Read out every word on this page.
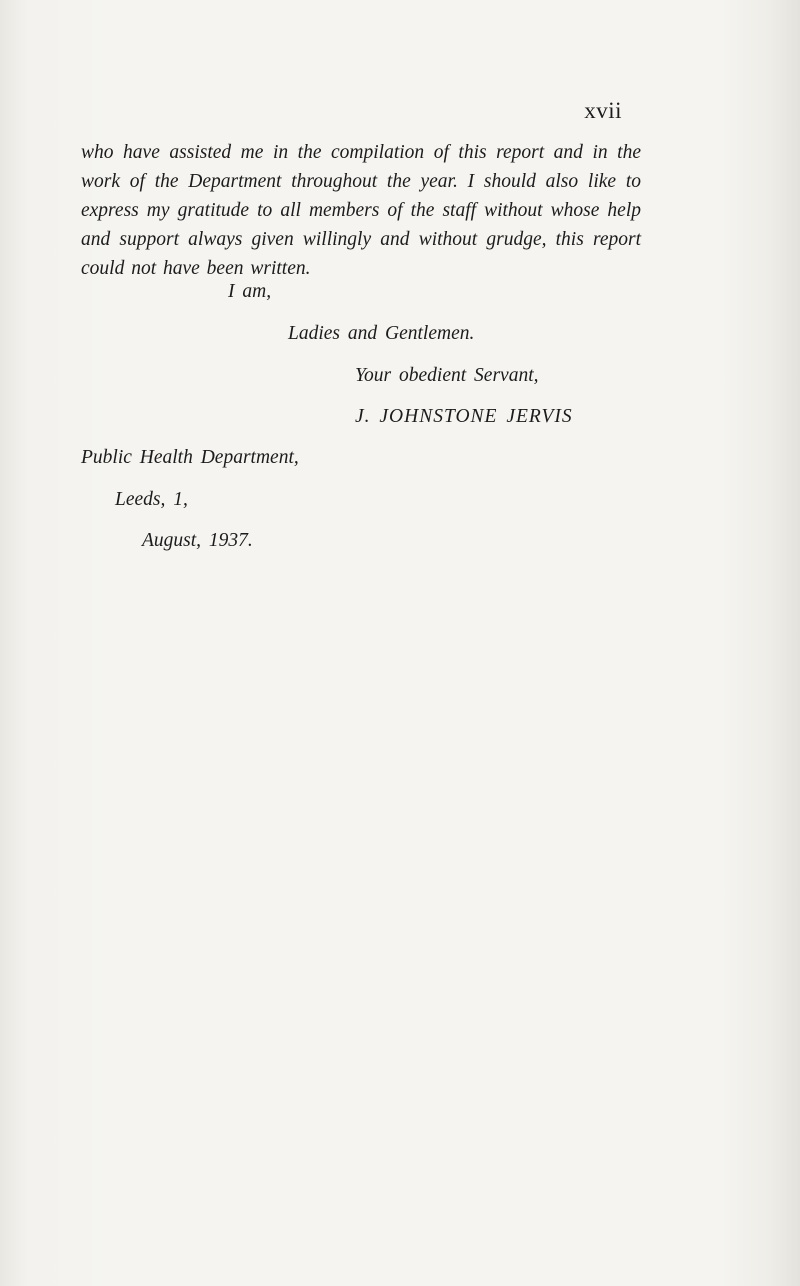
xvii

who have assisted me in the compilation of this report and in the work of the Department throughout the year. I should also like to express my gratitude to all members of the staff without whose help and support always given willingly and without grudge, this report could not have been written.

I am,
Ladies and Gentlemen.
Your obedient Servant,
J. JOHNSTONE JERVIS
Public Health Department,
Leeds, 1,
August, 1937.
